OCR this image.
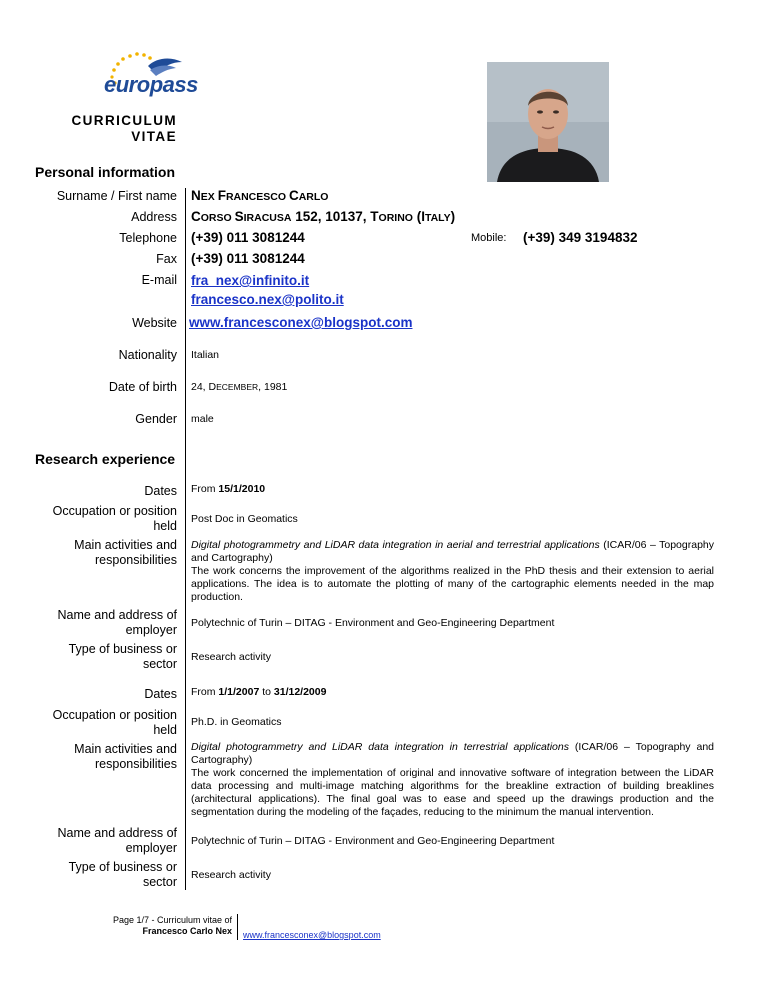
europass
CURRICULUM
VITAE
Personal information
Surname / First name NEX FRANCESCO CARLO
Address CORSO SIRACUSA 152, 10137, TORINO (ITALY)
Telephone (+39) 011 3081244	Mobile: (+39) 349 3194832
Fax (+39) 011 3081244
E-mail fra_nex@infinito.it
francesco.nex@polito.it
Website www.francesconex@blogspot.com
Nationality Italian
Date of birth 24, DECEMBER, 1981
Gender male
Research experience
Dates From 15/1/2010
Occupation or position
held Post Doc in Geomatics
Main activities and
responsibilities
Digital photogrammetry and LiDAR data integration in aerial and terrestrial applications (ICAR/06 – Topography and Cartography)
The work concerns the improvement of the algorithms realized in the PhD thesis and their extension to aerial applications. The idea is to automate the plotting of many of the cartographic elements needed in the map production.
Name and address of
employer Polytechnic of Turin – DITAG - Environment and Geo-Engineering Department
Type of business or
sector Research activity
Dates From 1/1/2007 to 31/12/2009
Occupation or position
held
Ph.D. in Geomatics
Main activities and
responsibilities
Digital photogrammetry and LiDAR data integration in terrestrial applications (ICAR/06 – Topography and Cartography)
The work concerned the implementation of original and innovative software of integration between the LiDAR data processing and multi-image matching algorithms for the breakline extraction of building breaklines (architectural applications). The final goal was to ease and speed up the drawings production and the segmentation during the modeling of the façades, reducing to the minimum the manual intervention.
Name and address of
employer Polytechnic of Turin – DITAG - Environment and Geo-Engineering Department
Type of business or
sector Research activity
Page 1/7 - Curriculum vitae of
Francesco Carlo Nex www.francesconex@blogspot.com
